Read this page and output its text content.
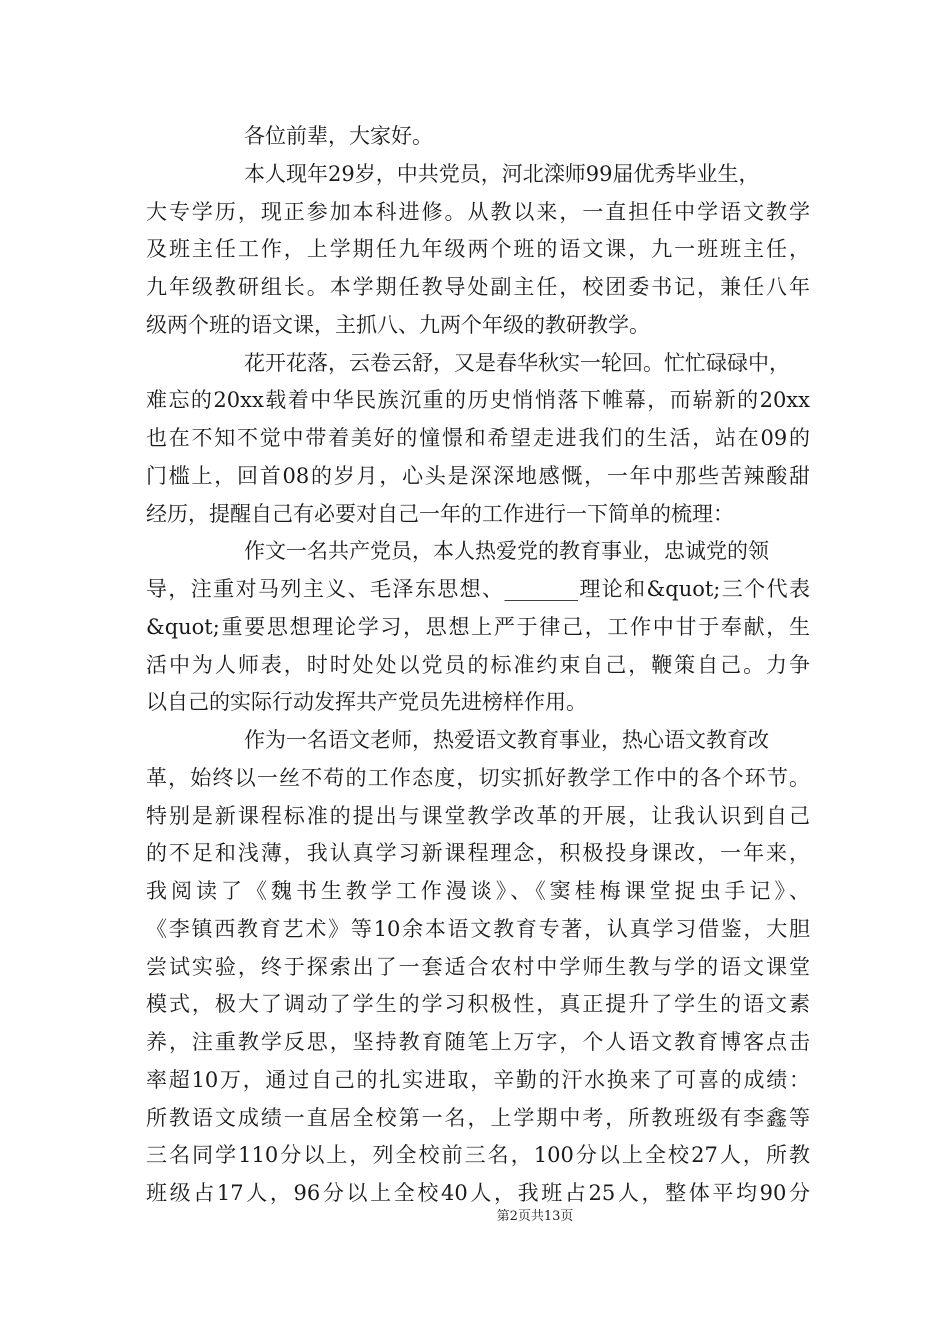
各位前辈，大家好。
本人现年29岁，中共党员，河北滦师99届优秀毕业生，
大专学历，现正参加本科进修。从教以来，一直担任中学语文教学
及班主任工作，上学期任九年级两个班的语文课，九一班班主任，
九年级教研组长。本学期任教导处副主任，校团委书记，兼任八年
级两个班的语文课，主抓八、九两个年级的教研教学。
花开花落，云卷云舒，又是春华秋实一轮回。忙忙碌碌中，
难忘的20xx载着中华民族沉重的历史悄悄落下帷幕，而崭新的20xx
也在不知不觉中带着美好的憧憬和希望走进我们的生活，站在09的
门槛上，回首08的岁月，心头是深深地感慨，一年中那些苦辣酸甜
经历，提醒自己有必要对自己一年的工作进行一下简单的梳理：
作文一名共产党员，本人热爱党的教育事业，忠诚党的领
导，注重对马列主义、毛泽东思想、_______理论和&quot;三个代表
&quot;重要思想理论学习，思想上严于律己，工作中甘于奉献，生
活中为人师表，时时处处以党员的标准约束自己，鞭策自己。力争
以自己的实际行动发挥共产党员先进榜样作用。
作为一名语文老师，热爱语文教育事业，热心语文教育改
革，始终以一丝不苟的工作态度，切实抓好教学工作中的各个环节。
特别是新课程标准的提出与课堂教学改革的开展，让我认识到自己
的不足和浅薄，我认真学习新课程理念，积极投身课改，一年来，
我阅读了《魏书生教学工作漫谈》、《窦桂梅课堂捉虫手记》、
《李镇西教育艺术》等10余本语文教育专著，认真学习借鉴，大胆
尝试实验，终于探索出了一套适合农村中学师生教与学的语文课堂
模式，极大了调动了学生的学习积极性，真正提升了学生的语文素
养，注重教学反思，坚持教育随笔上万字，个人语文教育博客点击
率超10万，通过自己的扎实进取，辛勤的汗水换来了可喜的成绩：
所教语文成绩一直居全校第一名，上学期中考，所教班级有李鑫等
三名同学110分以上，列全校前三名，100分以上全校27人，所教
班级占17人，96分以上全校40人，我班占25人，整体平均90分
第2页共13页
